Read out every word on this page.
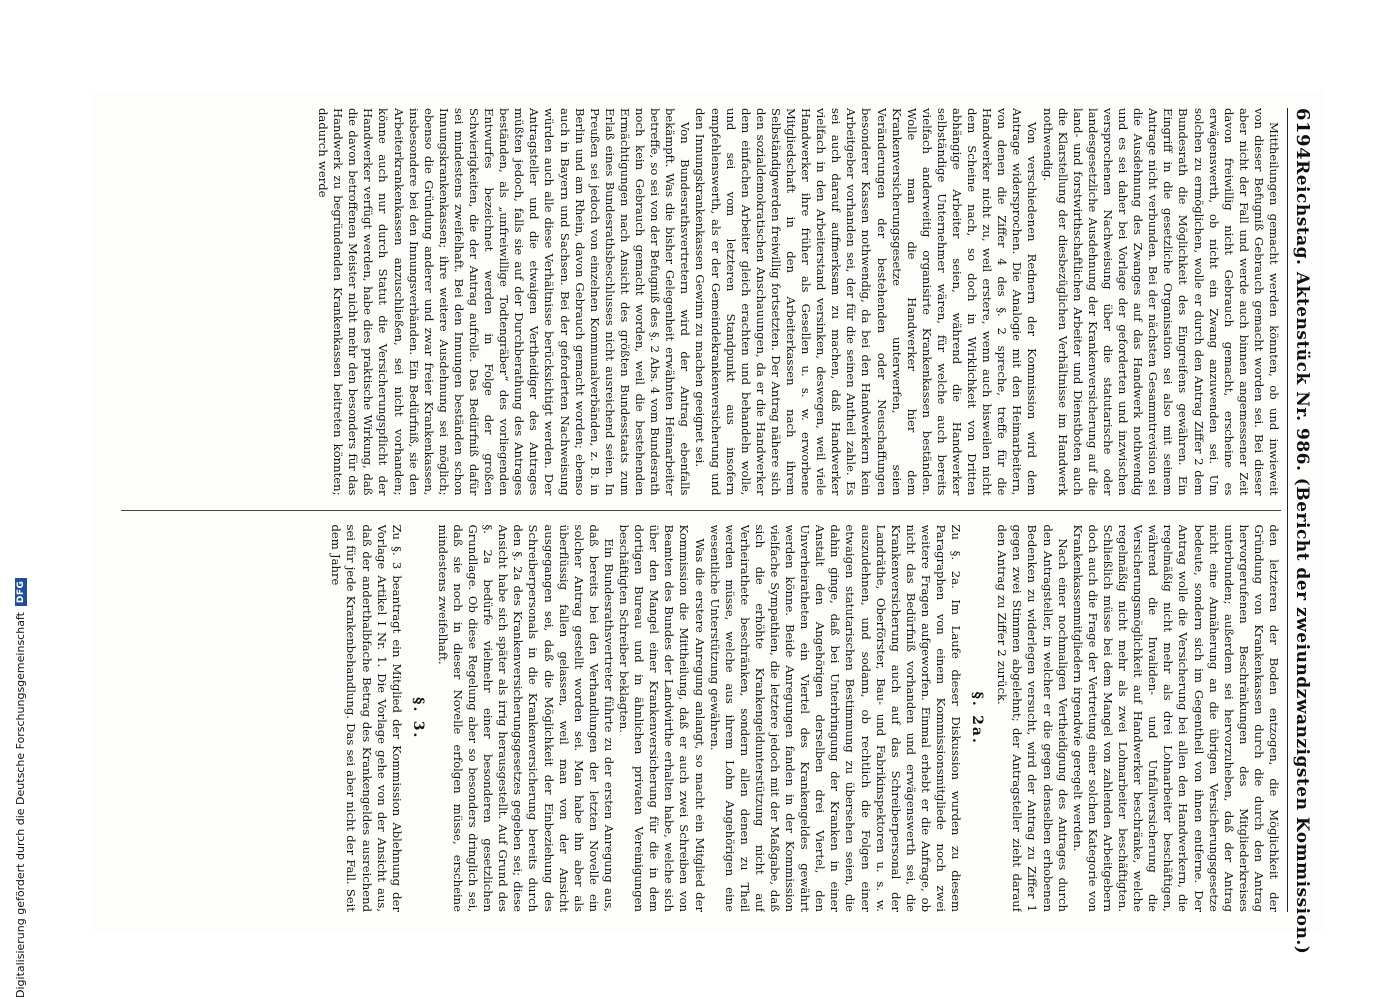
6194
Reichstag. Aktenstück Nr. 986. (Bericht der zweiundzwanzigsten Kommission.)

Mittheilungen gemacht werden könnten, ob und inwieweit von dieser Befugniß Gebrauch gemacht worden sei. Bei dieser aber nicht der Fall und werde auch binnen angemessener Zeit davon freiwillig nicht Gebrauch gemacht, erscheine es erwägenswerth, ob nicht ein Zwang anzuwenden sei. Um solchen zu ermöglichen, wolle er durch den Antrag Ziffer 2 dem Bundesrath die Möglichkeit des Eingreifens gewähren. Ein Eingriff in die gesetzliche Organisation sei also mit seinem Antrage nicht verbunden. Bei der nächsten Gesammtrevision sei die Ausdehnung des Zwanges auf das Handwerk nothwendig und es sei daher bei Vorlage der geforderten und inzwischen versprochenen Nachweisung über die statutarische oder landesgesetzliche Ausdehnung der Krankenversicherung auf die land- und forstwirthschaftlichen Arbeiter und Dienstboten auch die Klarstellung der diesbezüglichen Verhältnisse im Handwerk nothwendig.

Von verschiedenen Rednern der Kommission wird dem Antrage widersprochen. Die Analogie mit den Heimarbeitern, von denen die Ziffer 4 des §. 2 spreche, treffe für die Handwerker nicht zu, weil erstere, wenn auch bisweilen nicht dem Scheine nach, so doch in Wirklichkeit von Dritten abhängige Arbeiter seien, während die Handwerker selbständige Unternehmer wären, für welche auch bereits vielfach anderweitig organisirte Krankenkassen beständen. Wolle man die Handwerker hier dem Krankenversicherungsgesetze unterwerfen, seien Veränderungen der bestehenden oder Neuschaffungen besonderer Kassen nothwendig, da bei den Handwerkern kein Arbeitgeber vorhanden sei, der für die seinen Antheil zahle. Es sei auch darauf aufmerksam zu machen, daß Handwerker vielfach in den Arbeiterstand versinken, deswegen, weil viele Handwerker ihre früher als Gesellen u. s. w. erworbene Mitgliedschaft in den Arbeiterkassen nach ihrem Selbständigwerden freiwillig fortsetzten. Der Antrag nähere sich den sozialdemokratischen Anschauungen, da er die Handwerker dem einfachen Arbeiter gleich erachten und behandeln wolle, und sei vom letzteren Standpunkt aus insofern empfehlenswerth, als er der Gemeindekrankenversicherung und den Innungskrankenkassen Gewinn zu machen geeignet sei.

Von Bundesrathsvertretern wird der Antrag ebenfalls bekämpft. Was die bisher Gelegenheit erwähnten Heimarbeiter betreffe, so sei von der Befugniß des §. 2 Abs. 4 vom Bundesrath noch kein Gebrauch gemacht worden, weil die bestehenden Ermächtigungen nach Ansicht des größten Bundesstaats zum Erlaß eines Bundesrathsbeschlusses nicht ausreichend seien. In Preußen sei jedoch von einzelnen Kommunalverbänden, z. B. in Berlin und am Rhein, davon Gebrauch gemacht worden; ebenso auch in Bayern und Sachsen. Bei der geforderten Nachweisung würden auch alle diese Verhältnisse berücksichtigt werden. Der Antragsteller und die etwaigen Vertheidiger des Antrages müßten jedoch, falls sie auf der Durchberathung des Antrages beständen, als „unfreiwillige Todtengräber“ des vorliegenden Entwurfes bezeichnet werden in Folge der großen Schwierigkeiten, die der Antrag aufrolle. Das Bedürfniß dafür sei mindestens zweifelhaft. Bei den Innungen beständen schon Innungskrankenkassen; ihre weitere Ausdehnung sei möglich; ebenso die Gründung anderer und zwar freier Krankenkassen, insbesondere bei den Innungsverbänden. Ein Bedürfniß, sie den Arbeiterkrankenkassen anzuschließen, sei nicht vorhanden; könne auch nur durch Statut die Versicherungspflicht der Handwerker verfügt werden, habe dies praktische Wirkung, daß die davon betroffenen Meister nicht mehr den besonders für das Handwerk zu begründenden Krankenkassen beitreten könnten; dadurch werde

den letzteren der Boden entzogen, die Möglichkeit der Gründung von Krankenkassen durch die durch den Antrag hervorgerufenen Beschränkungen des Mitgliederkreises unterbunden; außerdem sei hervorzuheben, daß der Antrag nicht eine Annäherung an die übrigen Versicherungsgesetze bedeute, sondern sich im Gegentheil von ihnen entferne. Der Antrag wolle die Versicherung bei allen den Handwerkern, die regelmäßig nicht mehr als drei Lohnarbeiter beschäftigen, während die Invaliden- und Unfallversicherung die Versicherungsmöglichkeit auf Handwerker beschränke, welche regelmäßig nicht mehr als zwei Lohnarbeiter beschäftigten. Schließlich müsse bei dem Mangel von zahlenden Arbeitgebern doch auch die Frage der Vertretung einer solchen Kategorie von Krankenkassenmitgliedern irgendwie geregelt werden.

Nach einer nochmaligen Vertheidigung des Antrages durch den Antragsteller, in welcher er die gegen denselben erhobenen Bedenken zu widerlegen versucht, wird der Antrag zu Ziffer 1 gegen zwei Stimmen abgelehnt; der Antragsteller zieht darauf den Antrag zu Ziffer 2 zurück.

§. 2a.

Zu §. 2a. Im Laufe dieser Diskussion wurden zu diesem Paragraphen von einem Kommissionsmitgliede noch zwei weitere Fragen aufgeworfen. Einmal erhebt er die Anfrage, ob nicht das Bedürfniß vorhanden und erwägenswerth sei, die Krankenversicherung auch auf das Schreiberpersonal der Landräthe, Oberförster, Bau- und Fabrikinspektoren u. s. w. auszudehnen, und sodann, ob rechtlich die Folgen einer etwaigen statutarischen Bestimmung zu übersehen seien, die dahin ginge, daß bei Unterbringung der Kranken in einer Anstalt den Angehörigen derselben drei Viertel, den Unverheiratheten ein Viertel des Krankengeldes gewährt werden könne. Beide Anregungen fanden in der Kommission vielfache Sympathien, die letztere jedoch mit der Maßgabe, daß sich die erhöhte Krankengeldunterstützung nicht auf Verheirathete beschränken, sondern allen denen zu Theil werden müsse, welche aus ihrem Lohn Angehörigen eine wesentliche Unterstützung gewähren.

Was die erstere Anregung anlangt, so macht ein Mitglied der Kommission die Mittheilung, daß er auch zwei Schreiben von Beamten des Bundes der Landwirthe erhalten habe, welche sich über den Mangel einer Krankenversicherung für die in dem dortigen Bureau und in ähnlichen privaten Vereinigungen beschäftigten Schreiber beklagten.

Ein Bundesrathsvertreter führte zu der ersten Anregung aus, daß bereits bei den Verhandlungen der letzten Novelle ein solcher Antrag gestellt worden sei. Man habe ihn aber als überflüssig fallen gelassen, weil man von der Ansicht ausgegangen sei, daß die Möglichkeit der Einbeziehung des Schreiberpersonals in die Krankenversicherung bereits durch den §. 2a des Krankenversicherungsgesetzes gegeben sei; diese Ansicht habe sich später als irrig herausgestellt. Auf Grund des §. 2a bedürfe vielmehr einer besonderen gesetzlichen Grundlage. Ob diese Regelung aber so besonders dringlich sei, daß sie noch in dieser Novelle erfolgen müsse, erscheine mindestens zweifelhaft.

§. 3.

Zu §. 3 beantragt ein Mitglied der Kommission Ablehnung der Vorlage Artikel I Nr. 1. Die Vorlage gehe von der Ansicht aus, daß der anderthalbfache Betrag des Krankengeldes ausreichend sei für jede Krankenbehandlung. Das sei aber nicht der Fall. Seit dem Jahre

Digitalisierung gefördert durch die Deutsche Forschungsgemeinschaft
DFG
